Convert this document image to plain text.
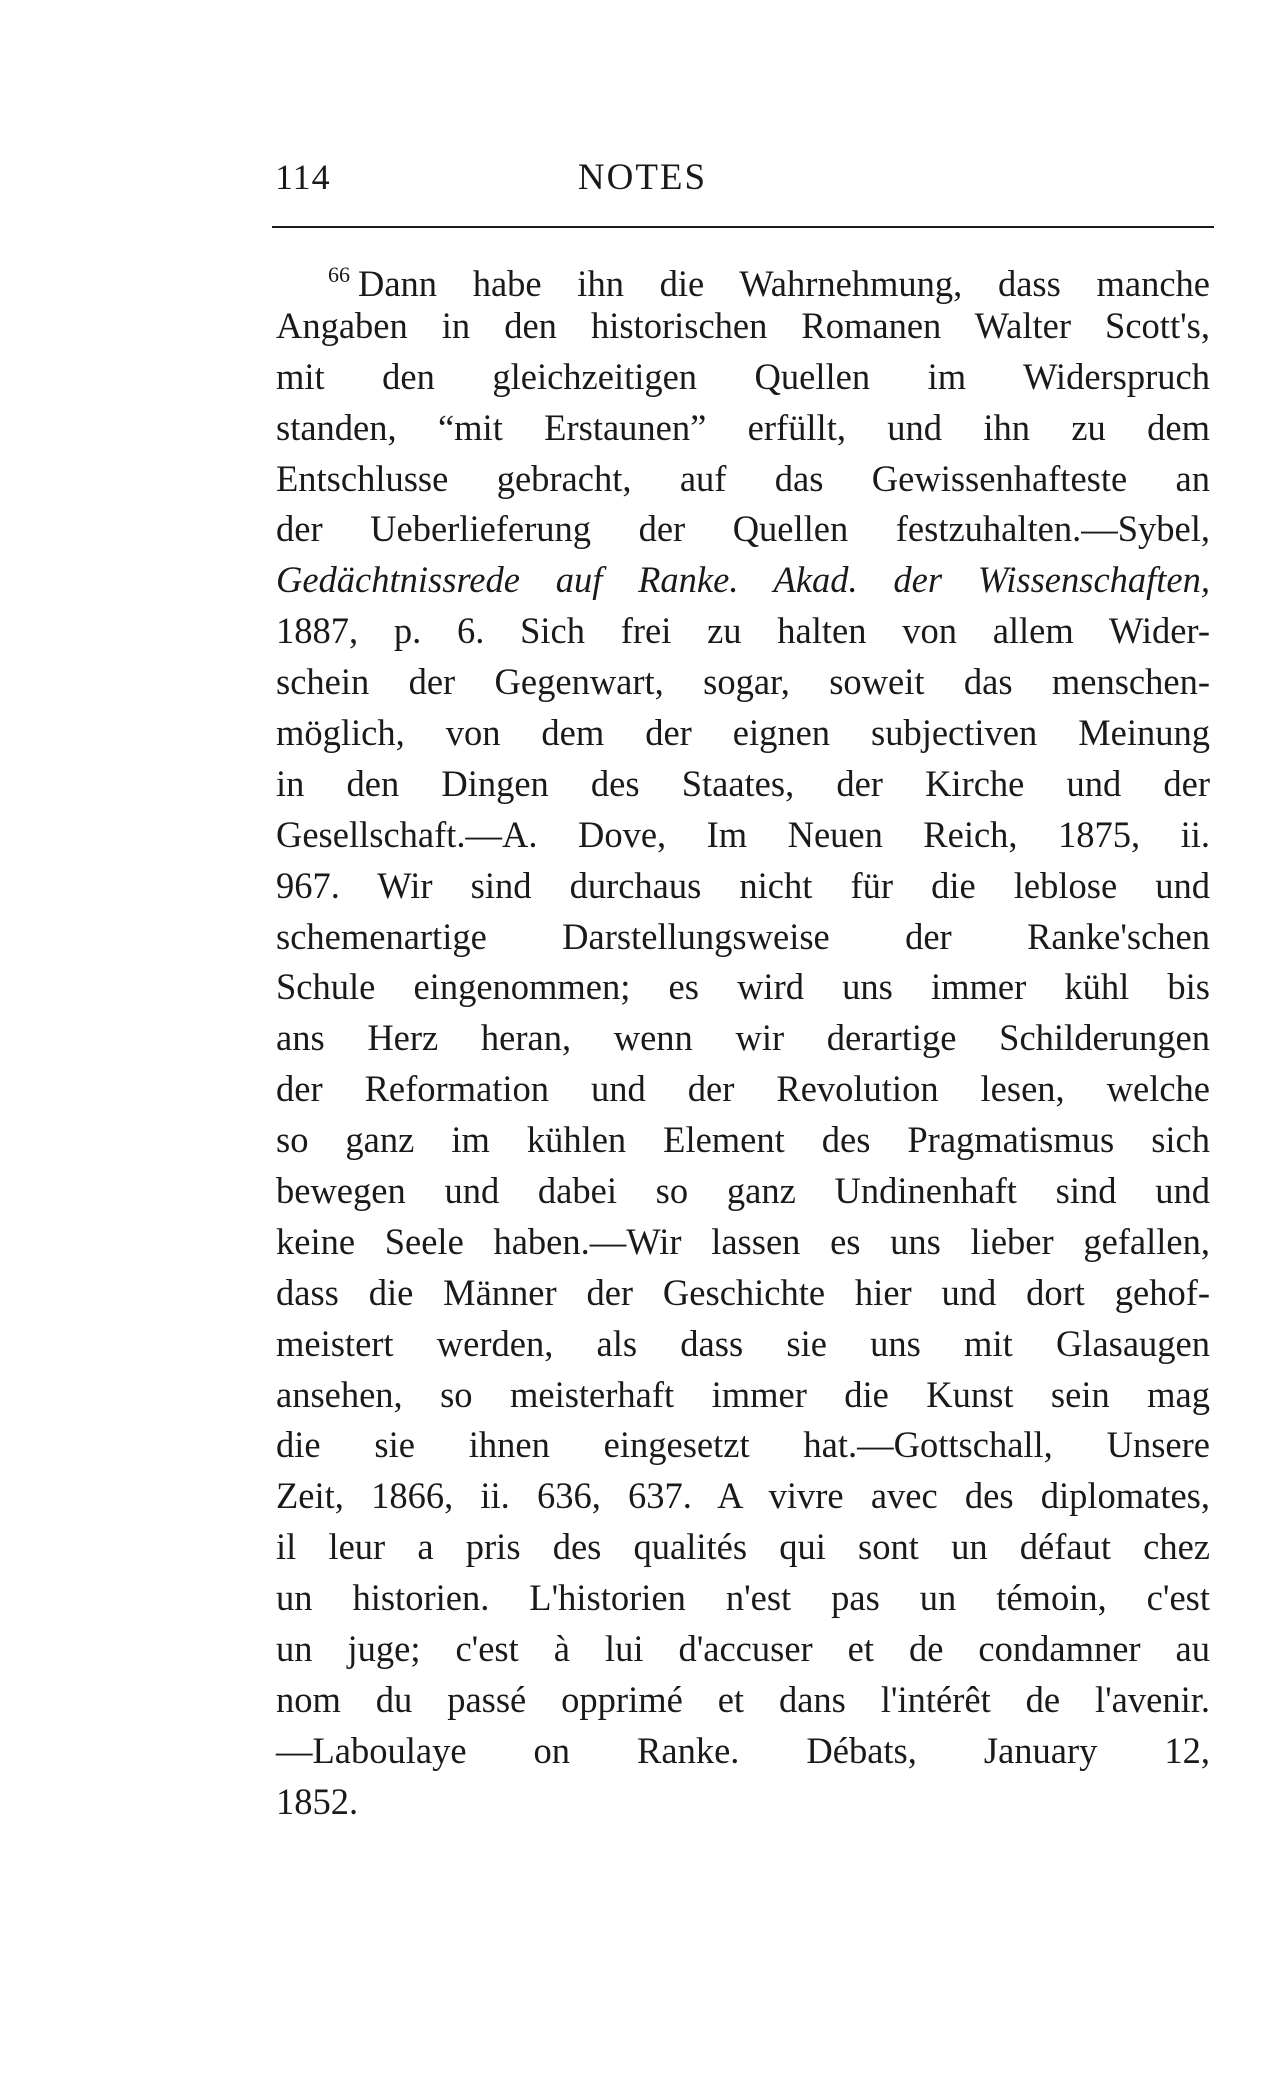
114	NOTES
$^{66}$ Dann habe ihn die Wahrnehmung, dass manche
Angaben in den historischen Romanen Walter Scott's,
mit den gleichzeitigen Quellen im Widerspruch
standen, “mit Erstaunen” erfüllt, und ihn zu dem
Entschlusse gebracht, auf das Gewissenhafteste an
der Ueberlieferung der Quellen festzuhalten.—Sybel,
Gedächtnissrede auf Ranke. Akad. der Wissenschaften,
1887, p. 6. Sich frei zu halten von allem Wider-
schein der Gegenwart, sogar, soweit das menschen-
möglich, von dem der eignen subjectiven Meinung
in den Dingen des Staates, der Kirche und der
Gesellschaft.—A. Dove, Im Neuen Reich, 1875, ii.
967. Wir sind durchaus nicht für die leblose und
schemenartige Darstellungsweise der Ranke'schen
Schule eingenommen; es wird uns immer kühl bis
ans Herz heran, wenn wir derartige Schilderungen
der Reformation und der Revolution lesen, welche
so ganz im kühlen Element des Pragmatismus sich
bewegen und dabei so ganz Undinenhaft sind und
keine Seele haben.—Wir lassen es uns lieber gefallen,
dass die Männer der Geschichte hier und dort gehof-
meistert werden, als dass sie uns mit Glasaugen
ansehen, so meisterhaft immer die Kunst sein mag
die sie ihnen eingesetzt hat.—Gottschall, Unsere
Zeit, 1866, ii. 636, 637. A vivre avec des diplomates,
il leur a pris des qualités qui sont un défaut chez
un historien. L'historien n'est pas un témoin, c'est
un juge; c'est à lui d'accuser et de condamner au
nom du passé opprimé et dans l'intérêt de l'avenir.
—Laboulaye on Ranke. Débats, January 12,
1852.
